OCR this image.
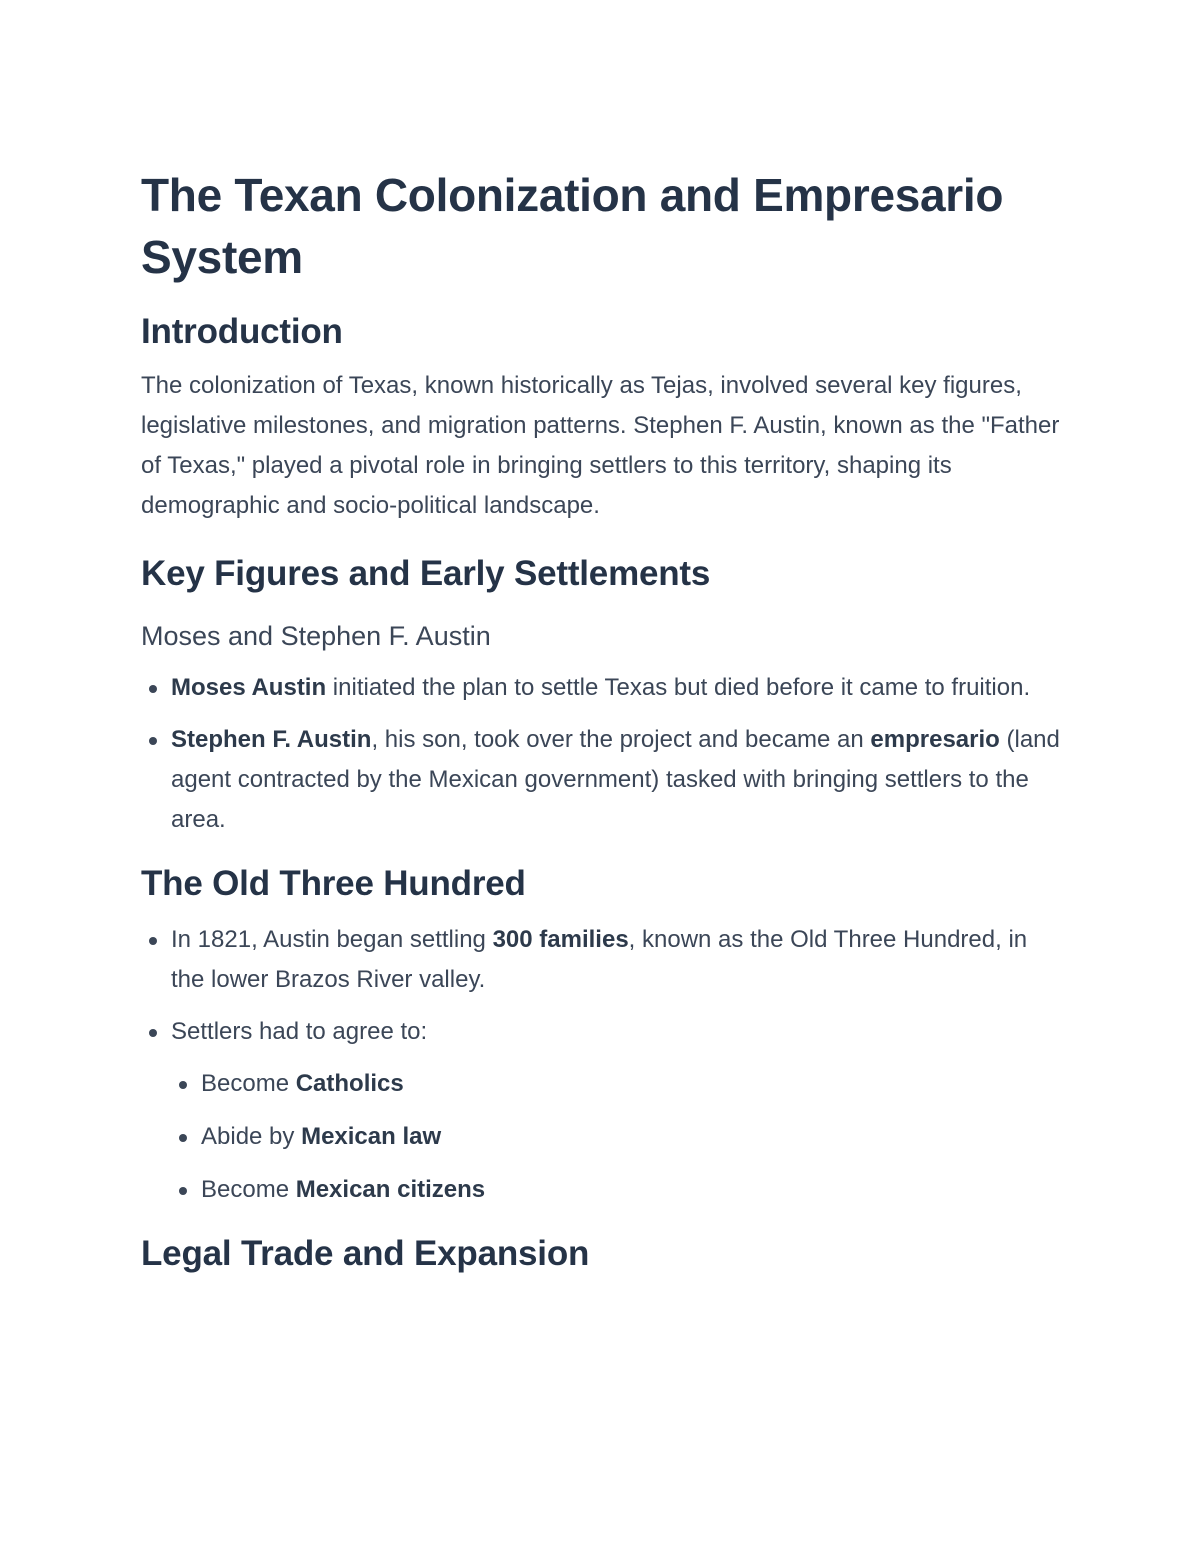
The Texan Colonization and Empresario System
Introduction

The colonization of Texas, known historically as Tejas, involved several key figures, legislative milestones, and migration patterns. Stephen F. Austin, known as the "Father of Texas," played a pivotal role in bringing settlers to this territory, shaping its demographic and socio-political landscape.

Key Figures and Early Settlements
Moses and Stephen F. Austin
Moses Austin initiated the plan to settle Texas but died before it came to fruition.
Stephen F. Austin, his son, took over the project and became an empresario (land agent contracted by the Mexican government) tasked with bringing settlers to the area.
The Old Three Hundred
In 1821, Austin began settling 300 families, known as the Old Three Hundred, in the lower Brazos River valley.
Settlers had to agree to:
Become Catholics
Abide by Mexican law
Become Mexican citizens
Legal Trade and Expansion
